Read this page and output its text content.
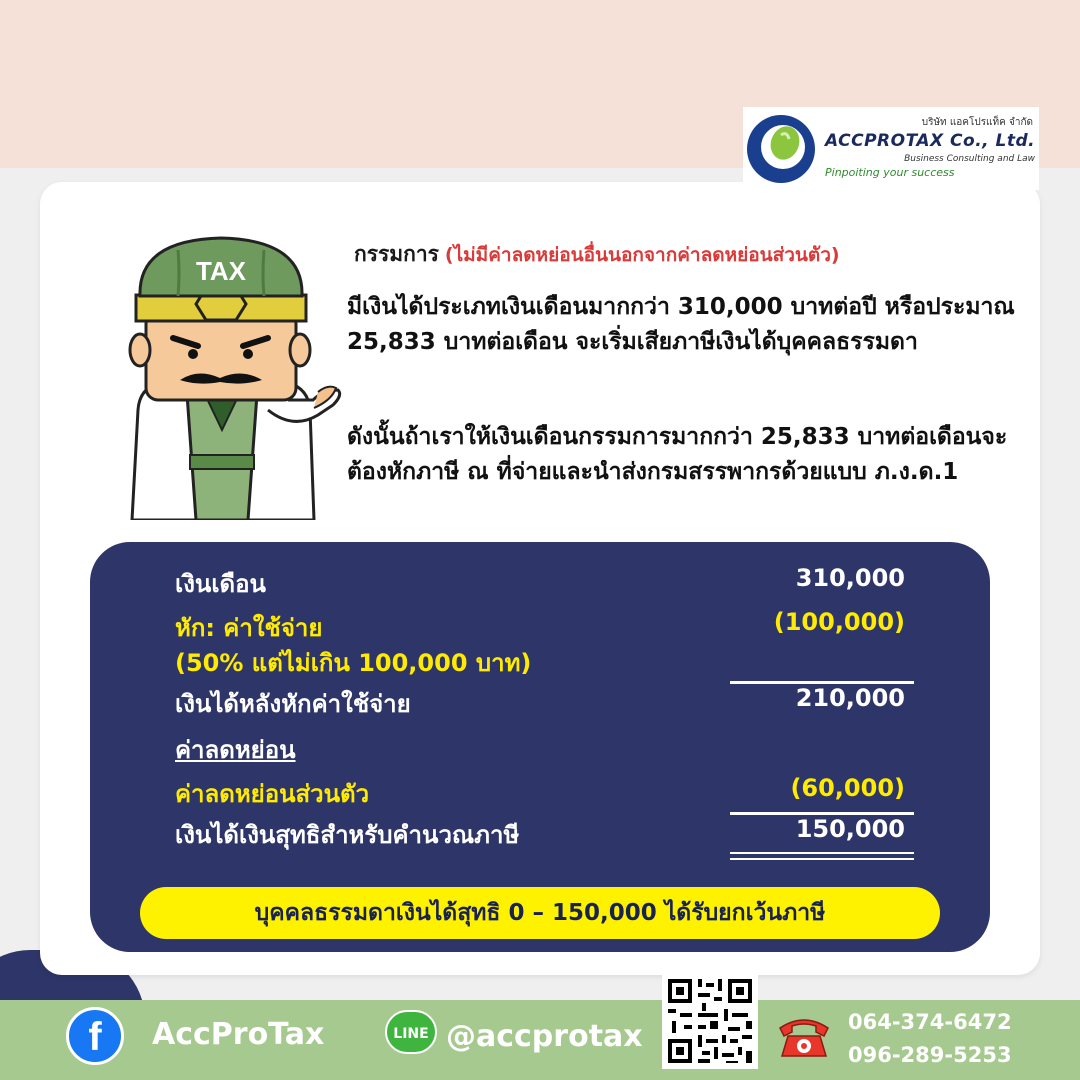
บริษัท แอคโปรแท็ค จำกัด
ACCPROTAX Co., Ltd.
Business Consulting and Law
Pinpoiting your success
TAX
กรรมการ (ไม่มีค่าลดหย่อนอื่นนอกจากค่าลดหย่อนส่วนตัว)
มีเงินได้ประเภทเงินเดือนมากกว่า 310,000 บาทต่อปี หรือประมาณ 25,833 บาทต่อเดือน จะเริ่มเสียภาษีเงินได้บุคคลธรรมดา
ดังนั้นถ้าเราให้เงินเดือนกรรมการมากกว่า 25,833 บาทต่อเดือนจะต้องหักภาษี ณ ที่จ่ายและนำส่งกรมสรรพากรด้วยแบบ ภ.ง.ด.1
เงินเดือน	310,000
หัก: ค่าใช้จ่าย	(100,000)
(50% แต่ไม่เกิน 100,000 บาท)
เงินได้หลังหักค่าใช้จ่าย	210,000
ค่าลดหย่อน
ค่าลดหย่อนส่วนตัว	(60,000)
เงินได้เงินสุทธิสำหรับคำนวณภาษี	150,000
บุคคลธรรมดาเงินได้สุทธิ 0 – 150,000 ได้รับยกเว้นภาษี
f	AccProTax	LINE @accprotax	064-374-6472
096-289-5253
